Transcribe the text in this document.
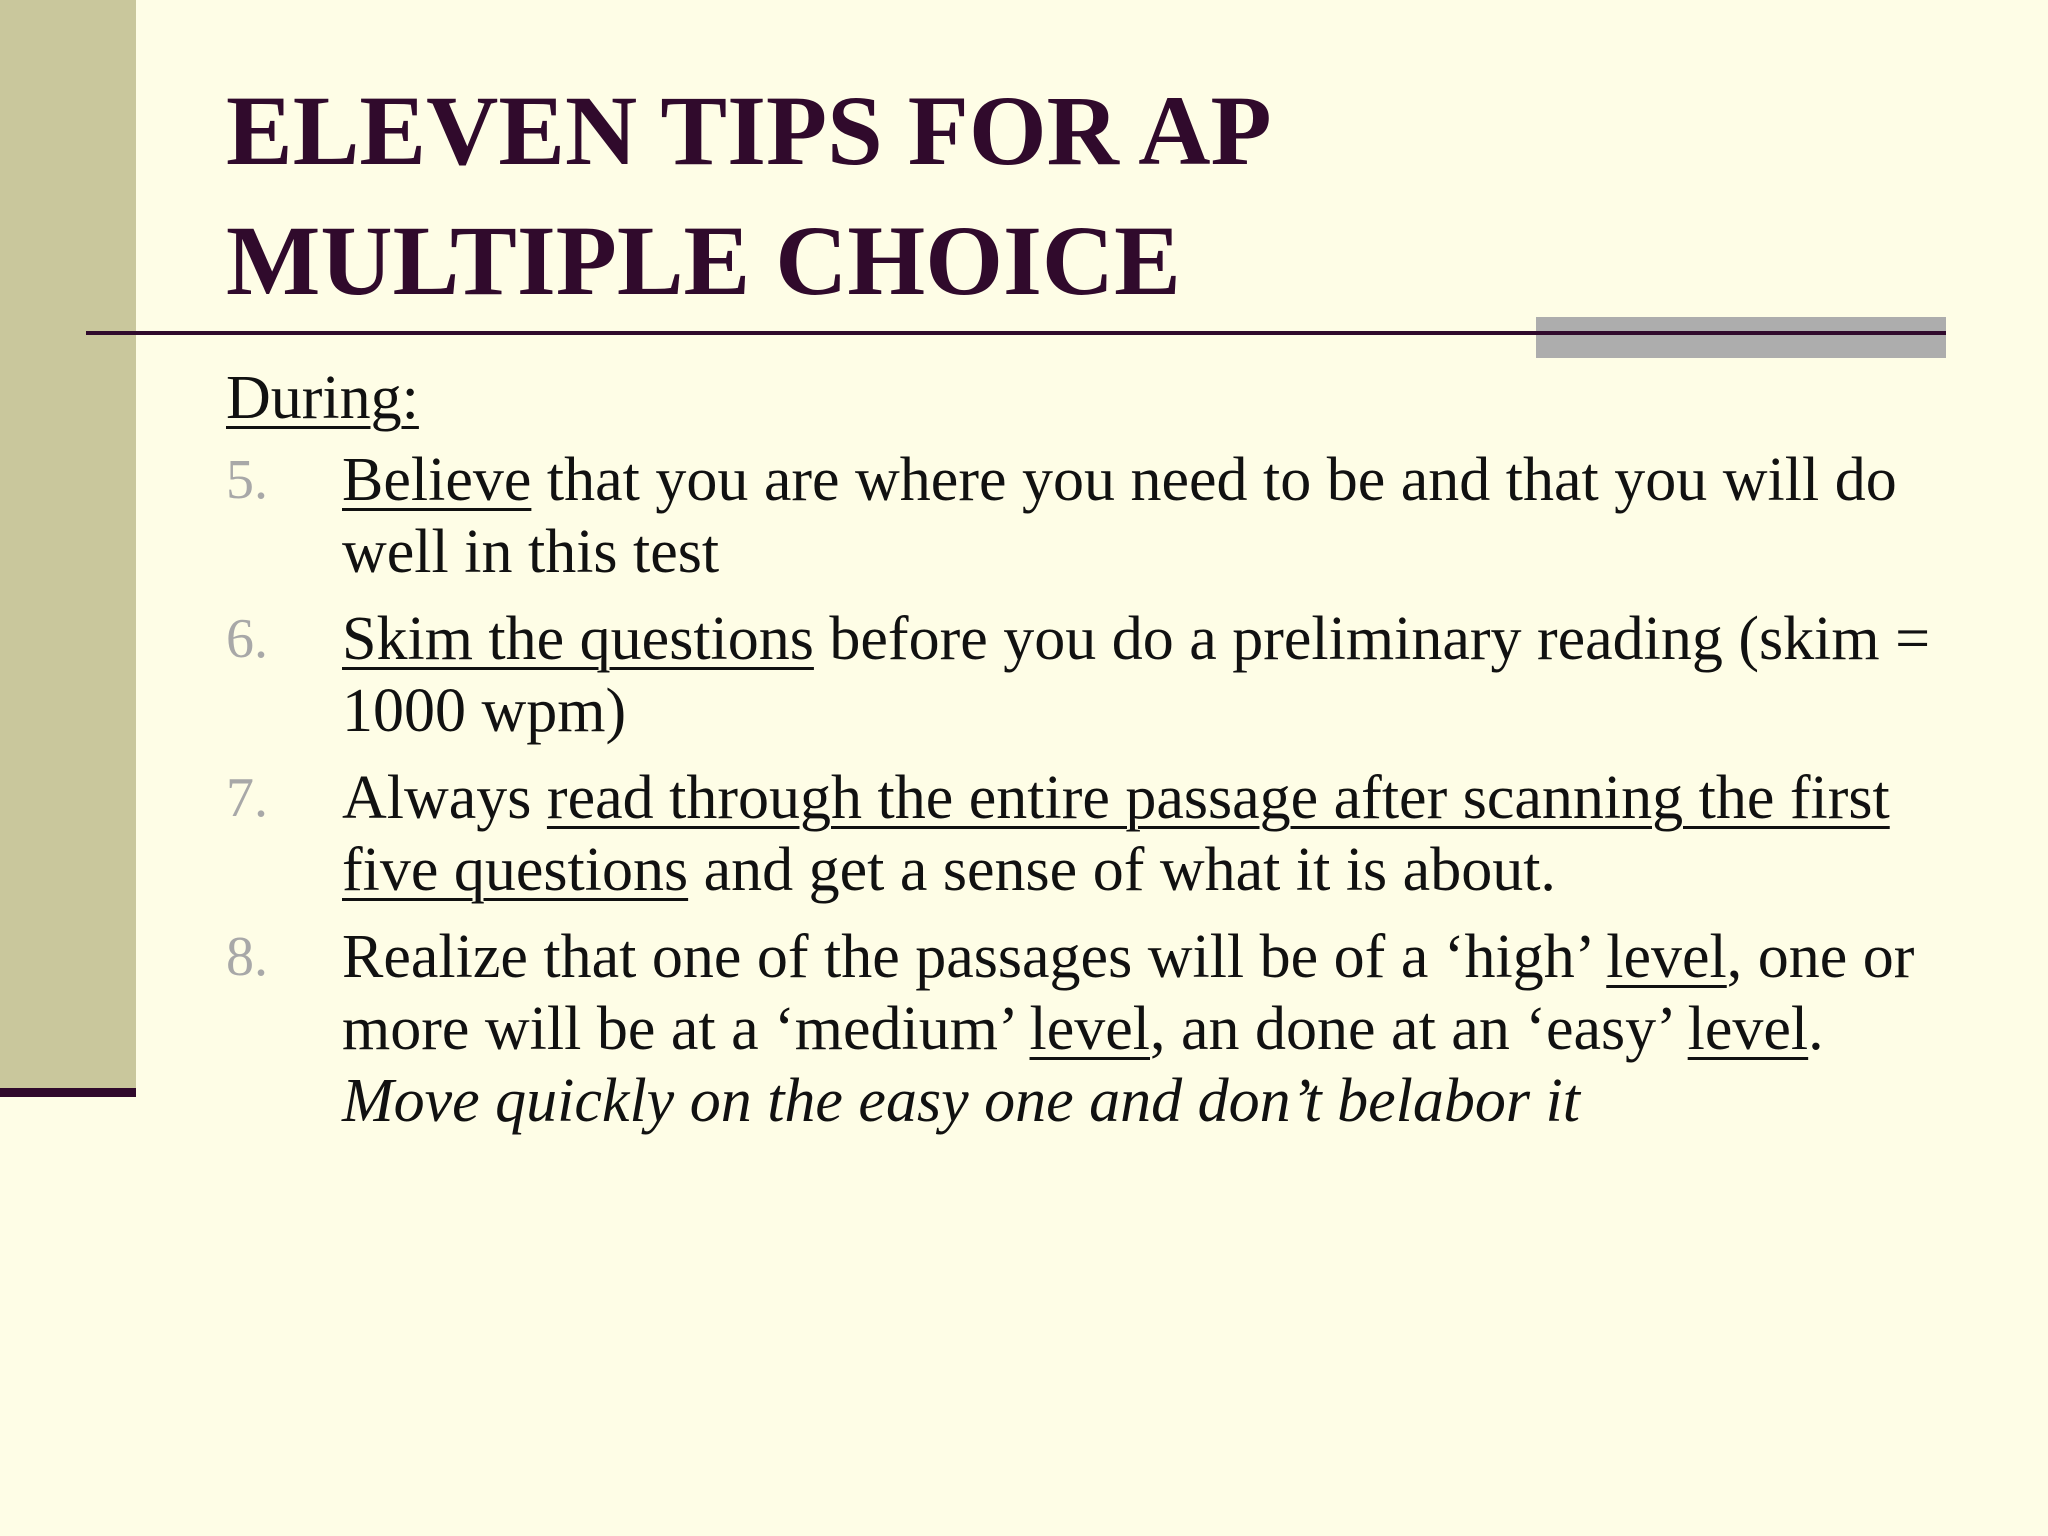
ELEVEN TIPS FOR AP
MULTIPLE CHOICE
During:
5. Believe that you are where you need to be and that you will do well in this test
6. Skim the questions before you do a preliminary reading (skim = 1000 wpm)
7. Always read through the entire passage after scanning the first five questions and get a sense of what it is about.
8. Realize that one of the passages will be of a ‘high’ level, one or more will be at a ‘medium’ level, an done at an ‘easy’ level. Move quickly on the easy one and don’t belabor it
